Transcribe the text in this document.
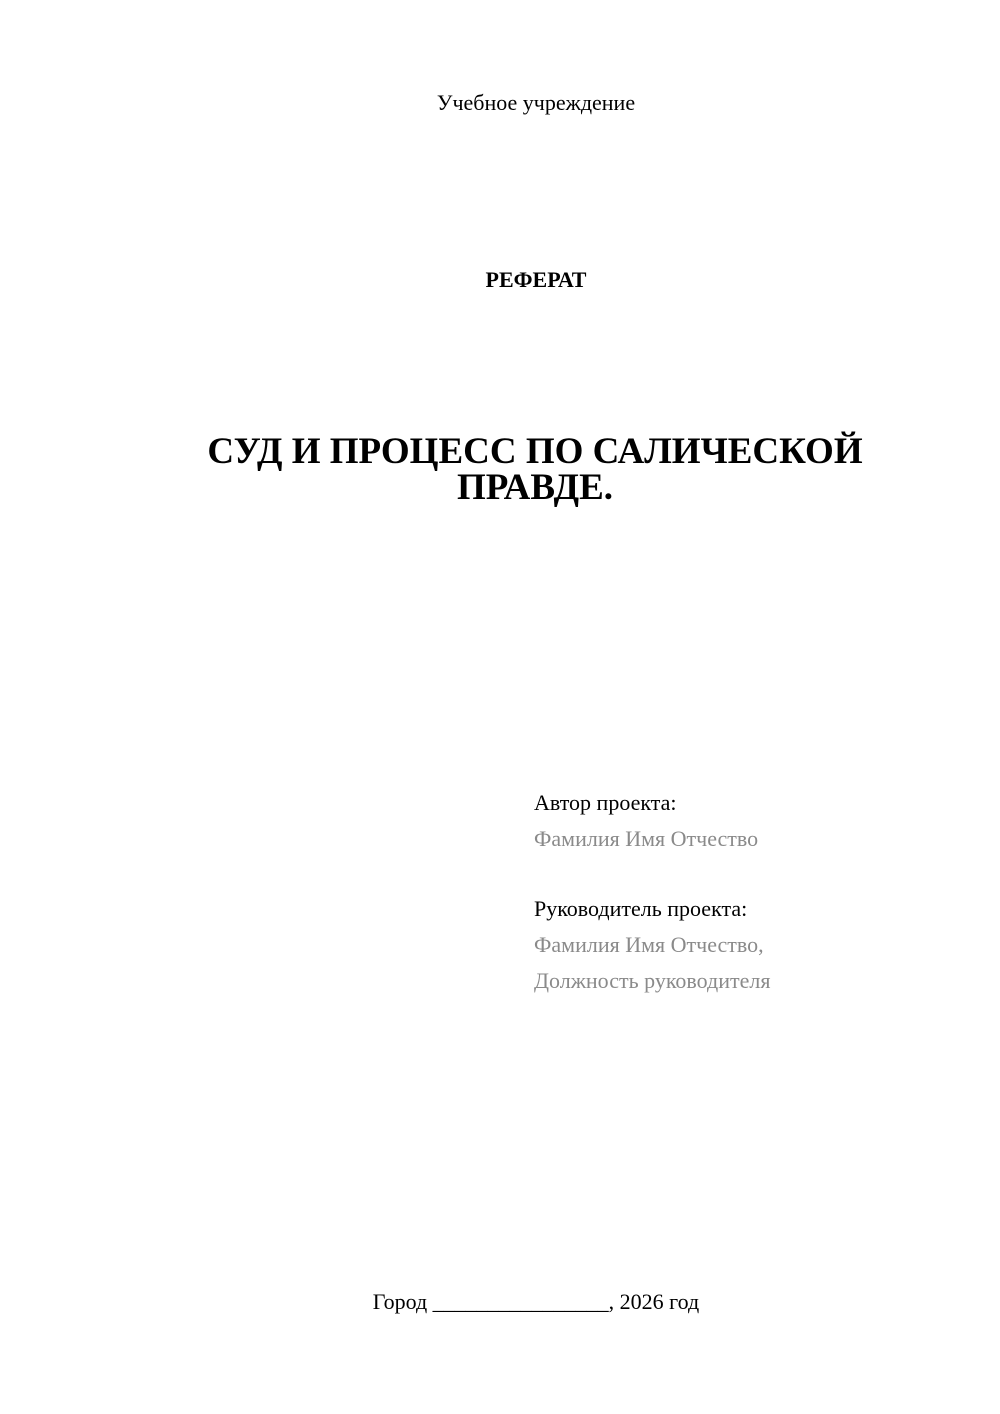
Учебное учреждение
РЕФЕРАТ
СУД И ПРОЦЕСС ПО САЛИЧЕСКОЙ ПРАВДЕ.
Автор проекта:
Фамилия Имя Отчество
Руководитель проекта:
Фамилия Имя Отчество,
Должность руководителя
Город ________________, 2026 год
